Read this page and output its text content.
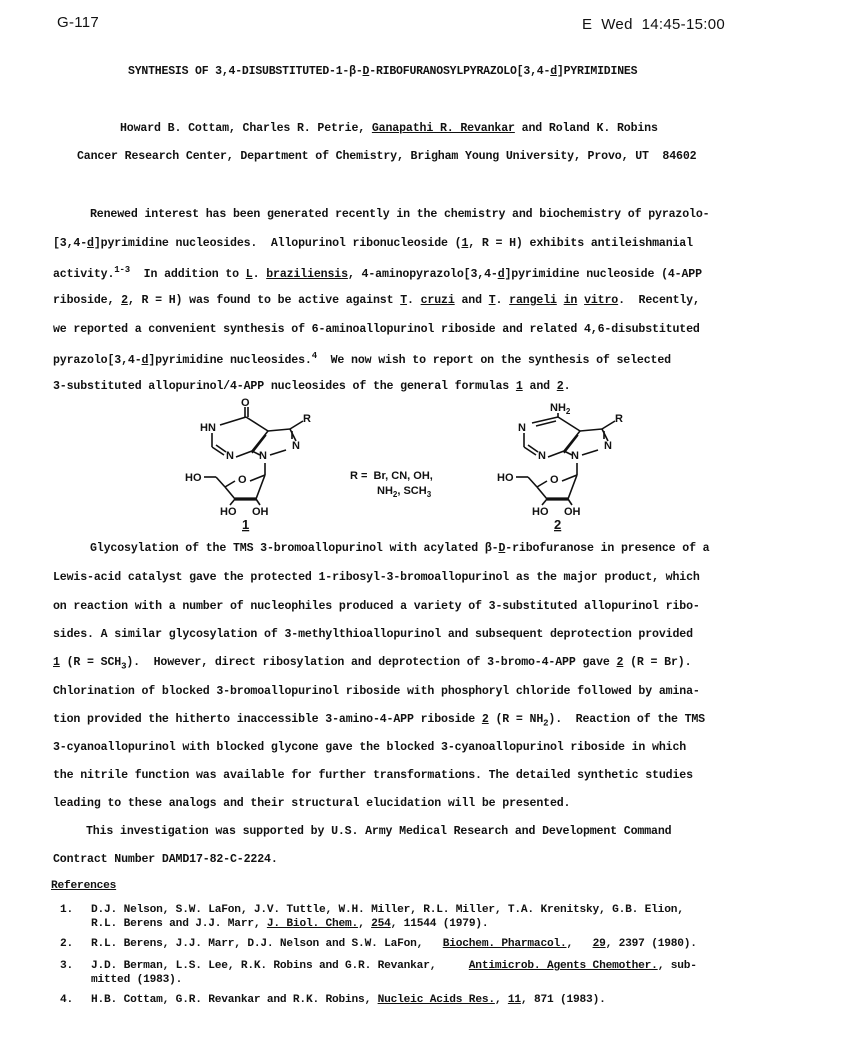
G-117	E  Wed  14:45-15:00
SYNTHESIS OF 3,4-DISUBSTITUTED-1-β-D-RIBOFURANOSYLPYRAZOLO[3,4-d]PYRIMIDINES
Howard B. Cottam, Charles R. Petrie, Ganapathi R. Revankar and Roland K. Robins
Cancer Research Center, Department of Chemistry, Brigham Young University, Provo, UT  84602
Renewed interest has been generated recently in the chemistry and biochemistry of pyrazolo-
[3,4-d]pyrimidine nucleosides.  Allopurinol ribonucleoside (1, R = H) exhibits antileishmanial
activity.$^{1-3}$  In addition to L. braziliensis, 4-aminopyrazolo[3,4-d]pyrimidine nucleoside (4-APP
riboside, 2, R = H) was found to be active against T. cruzi and T. rangeli in vitro.  Recently,
we reported a convenient synthesis of 6-aminoallopurinol riboside and related 4,6-disubstituted
pyrazolo[3,4-d]pyrimidine nucleosides.$^4$  We now wish to report on the synthesis of selected
3-substituted allopurinol/4-APP nucleosides of the general formulas 1 and 2.
O
HN
N N
N
R
O
HO
HO OH
1
R =  Br, CN, OH,
$NH_2$, $SCH_3$
$NH_2$
N
N N
N
R
O
HO
HO OH
2
Glycosylation of the TMS 3-bromoallopurinol with acylated β-D-ribofuranose in presence of a
Lewis-acid catalyst gave the protected 1-ribosyl-3-bromoallopurinol as the major product, which
on reaction with a number of nucleophiles produced a variety of 3-substituted allopurinol ribo-
sides. A similar glycosylation of 3-methylthioallopurinol and subsequent deprotection provided
1 $(R = SCH_3)$.  However, direct ribosylation and deprotection of 3-bromo-4-APP gave 2 (R = Br).
Chlorination of blocked 3-bromoallopurinol riboside with phosphoryl chloride followed by amina-
tion provided the hitherto inaccessible 3-amino-4-APP riboside 2 $(R = NH_2)$.  Reaction of the TMS
3-cyanoallopurinol with blocked glycone gave the blocked 3-cyanoallopurinol riboside in which
the nitrile function was available for further transformations. The detailed synthetic studies
leading to these analogs and their structural elucidation will be presented.
This investigation was supported by U.S. Army Medical Research and Development Command
Contract Number DAMD17-82-C-2224.
References
1. D.J. Nelson, S.W. LaFon, J.V. Tuttle, W.H. Miller, R.L. Miller, T.A. Krenitsky, G.B. Elion,
R.L. Berens and J.J. Marr, J. Biol. Chem., 254, 11544 (1979).
2. R.L. Berens, J.J. Marr, D.J. Nelson and S.W. LaFon,   Biochem. Pharmacol.,   29, 2397 (1980).
3. J.D. Berman, L.S. Lee, R.K. Robins and G.R. Revankar,     Antimicrob. Agents Chemother., sub-
mitted (1983).
4. H.B. Cottam, G.R. Revankar and R.K. Robins, Nucleic Acids Res., 11, 871 (1983).
